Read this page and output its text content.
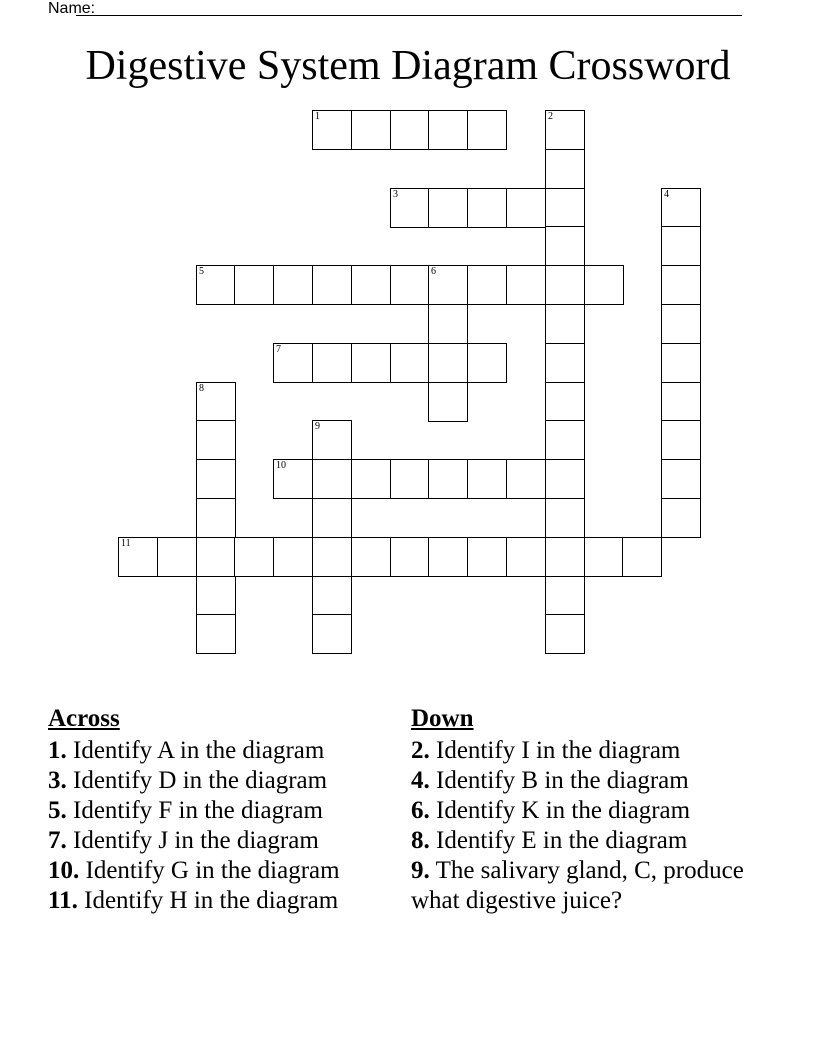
Name:
Digestive System Diagram Crossword
1
3
5	6
7
10
11
2
4
8
9
Across
1. Identify A in the diagram
3. Identify D in the diagram
5. Identify F in the diagram
7. Identify J in the diagram
10. Identify G in the diagram
11. Identify H in the diagram
Down
2. Identify I in the diagram
4. Identify B in the diagram
6. Identify K in the diagram
8. Identify E in the diagram
9. The salivary gland, C, produce what digestive juice?
